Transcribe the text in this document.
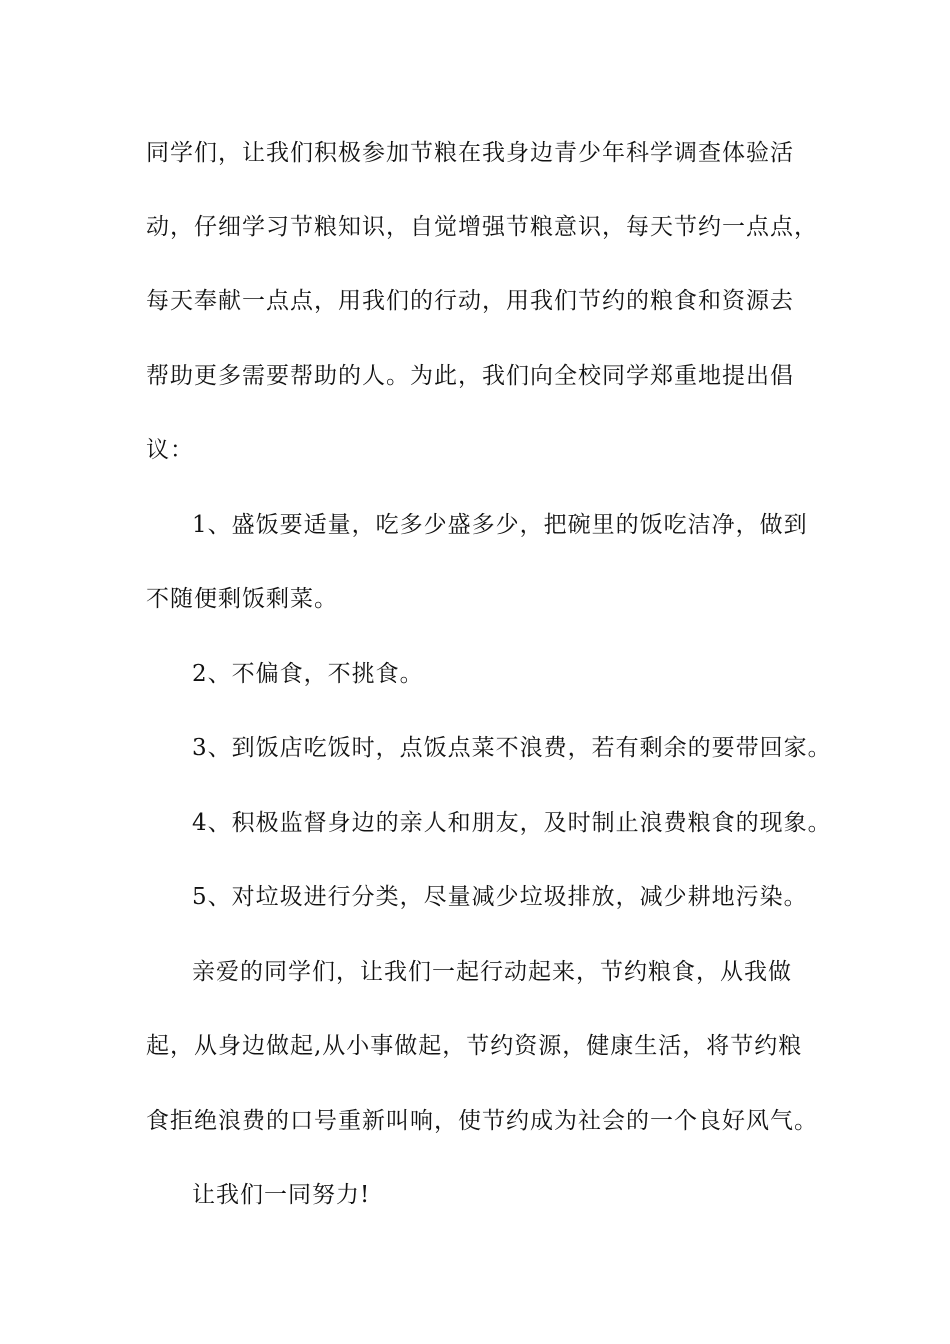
同学们，让我们积极参加节粮在我身边青少年科学调查体验活
动，仔细学习节粮知识，自觉增强节粮意识，每天节约一点点，
每天奉献一点点，用我们的行动，用我们节约的粮食和资源去
帮助更多需要帮助的人。为此，我们向全校同学郑重地提出倡
议：
1、盛饭要适量，吃多少盛多少，把碗里的饭吃洁净，做到
不随便剩饭剩菜。
2、不偏食，不挑食。
3、到饭店吃饭时，点饭点菜不浪费，若有剩余的要带回家。
4、积极监督身边的亲人和朋友，及时制止浪费粮食的现象。
5、对垃圾进行分类，尽量减少垃圾排放，减少耕地污染。
亲爱的同学们，让我们一起行动起来，节约粮食，从我做
起，从身边做起,从小事做起，节约资源，健康生活，将节约粮
食拒绝浪费的口号重新叫响，使节约成为社会的一个良好风气。
让我们一同努力!
